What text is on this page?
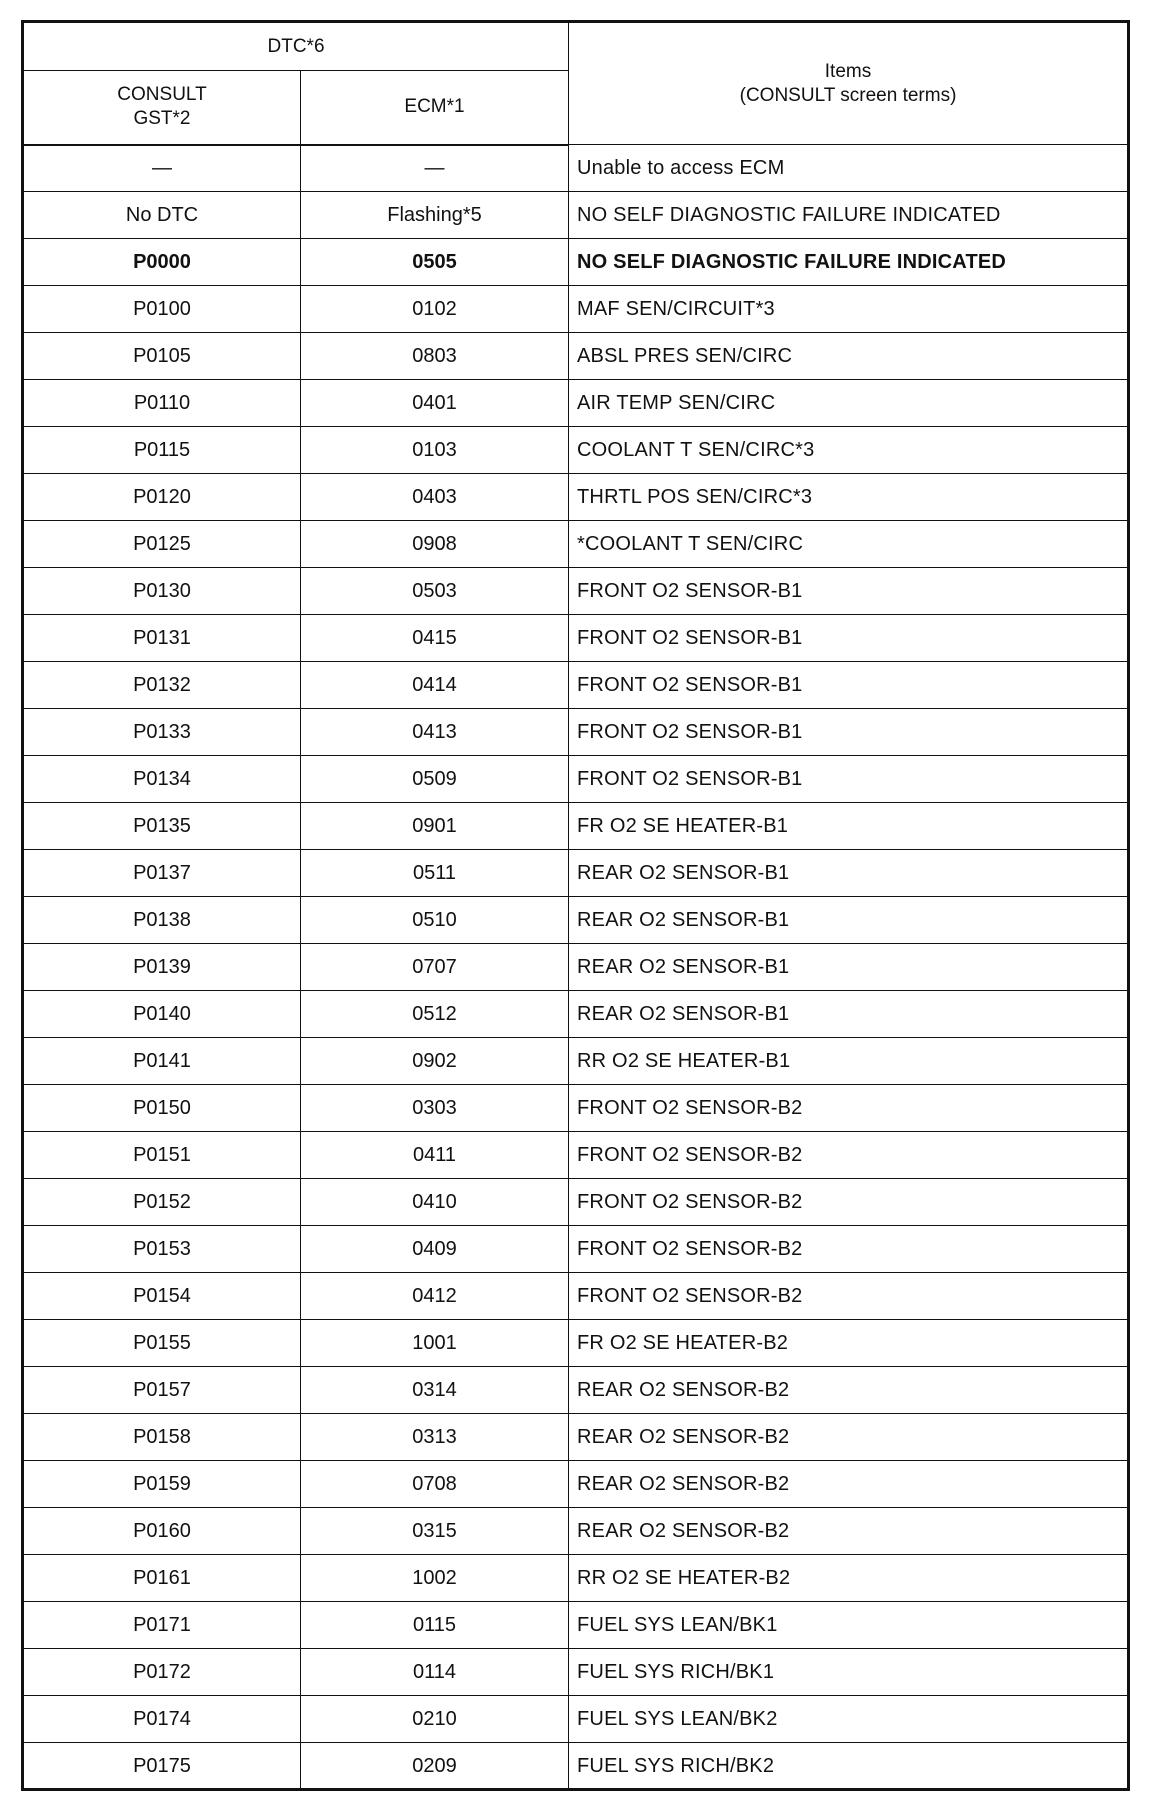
DTC*6		Items
(CONSULT screen terms)

CONSULT
GST*2	ECM*1	
—	—	Unable to access ECM
No DTC	Flashing*5	NO SELF DIAGNOSTIC FAILURE INDICATED
P0000	0505	NO SELF DIAGNOSTIC FAILURE INDICATED
P0100	0102	MAF SEN/CIRCUIT*3
P0105	0803	ABSL PRES SEN/CIRC
P0110	0401	AIR TEMP SEN/CIRC
P0115	0103	COOLANT T SEN/CIRC*3
P0120	0403	THRTL POS SEN/CIRC*3
P0125	0908	*COOLANT T SEN/CIRC
P0130	0503	FRONT O2 SENSOR-B1
P0131	0415	FRONT O2 SENSOR-B1
P0132	0414	FRONT O2 SENSOR-B1
P0133	0413	FRONT O2 SENSOR-B1
P0134	0509	FRONT O2 SENSOR-B1
P0135	0901	FR O2 SE HEATER-B1
P0137	0511	REAR O2 SENSOR-B1
P0138	0510	REAR O2 SENSOR-B1
P0139	0707	REAR O2 SENSOR-B1
P0140	0512	REAR O2 SENSOR-B1
P0141	0902	RR O2 SE HEATER-B1
P0150	0303	FRONT O2 SENSOR-B2
P0151	0411	FRONT O2 SENSOR-B2
P0152	0410	FRONT O2 SENSOR-B2
P0153	0409	FRONT O2 SENSOR-B2
P0154	0412	FRONT O2 SENSOR-B2
P0155	1001	FR O2 SE HEATER-B2
P0157	0314	REAR O2 SENSOR-B2
P0158	0313	REAR O2 SENSOR-B2
P0159	0708	REAR O2 SENSOR-B2
P0160	0315	REAR O2 SENSOR-B2
P0161	1002	RR O2 SE HEATER-B2
P0171	0115	FUEL SYS LEAN/BK1
P0172	0114	FUEL SYS RICH/BK1
P0174	0210	FUEL SYS LEAN/BK2
P0175	0209	FUEL SYS RICH/BK2
